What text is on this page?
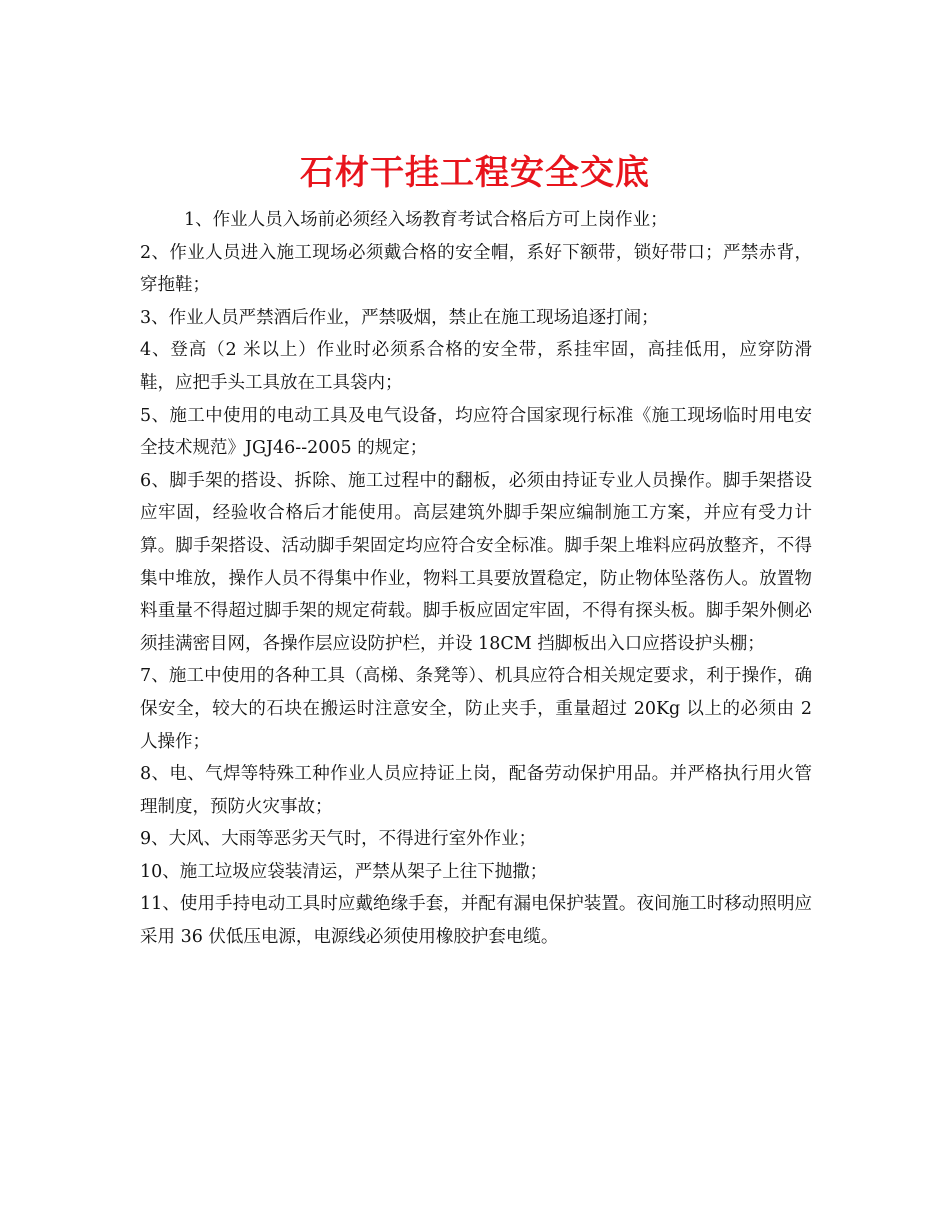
石材干挂工程安全交底

1、作业人员入场前必须经入场教育考试合格后方可上岗作业；

2、作业人员进入施工现场必须戴合格的安全帽，系好下额带，锁好带口；严禁赤背，穿拖鞋；

3、作业人员严禁酒后作业，严禁吸烟，禁止在施工现场追逐打闹；

4、登高（2 米以上）作业时必须系合格的安全带，系挂牢固，高挂低用，应穿防滑鞋，应把手头工具放在工具袋内；

5、施工中使用的电动工具及电气设备，均应符合国家现行标准《施工现场临时用电安全技术规范》JGJ46--2005 的规定；

6、脚手架的搭设、拆除、施工过程中的翻板，必须由持证专业人员操作。脚手架搭设应牢固，经验收合格后才能使用。高层建筑外脚手架应编制施工方案，并应有受力计算。脚手架搭设、活动脚手架固定均应符合安全标准。脚手架上堆料应码放整齐，不得集中堆放，操作人员不得集中作业，物料工具要放置稳定，防止物体坠落伤人。放置物料重量不得超过脚手架的规定荷载。脚手板应固定牢固，不得有探头板。脚手架外侧必须挂满密目网，各操作层应设防护栏，并设 18CM 挡脚板出入口应搭设护头棚；

7、施工中使用的各种工具（高梯、条凳等）、机具应符合相关规定要求，利于操作，确保安全，较大的石块在搬运时注意安全，防止夹手，重量超过 20Kg 以上的必须由 2 人操作；

8、电、气焊等特殊工种作业人员应持证上岗，配备劳动保护用品。并严格执行用火管理制度，预防火灾事故；

9、大风、大雨等恶劣天气时，不得进行室外作业；

10、施工垃圾应袋装清运，严禁从架子上往下抛撒；

11、使用手持电动工具时应戴绝缘手套，并配有漏电保护装置。夜间施工时移动照明应采用 36 伏低压电源，电源线必须使用橡胶护套电缆。
